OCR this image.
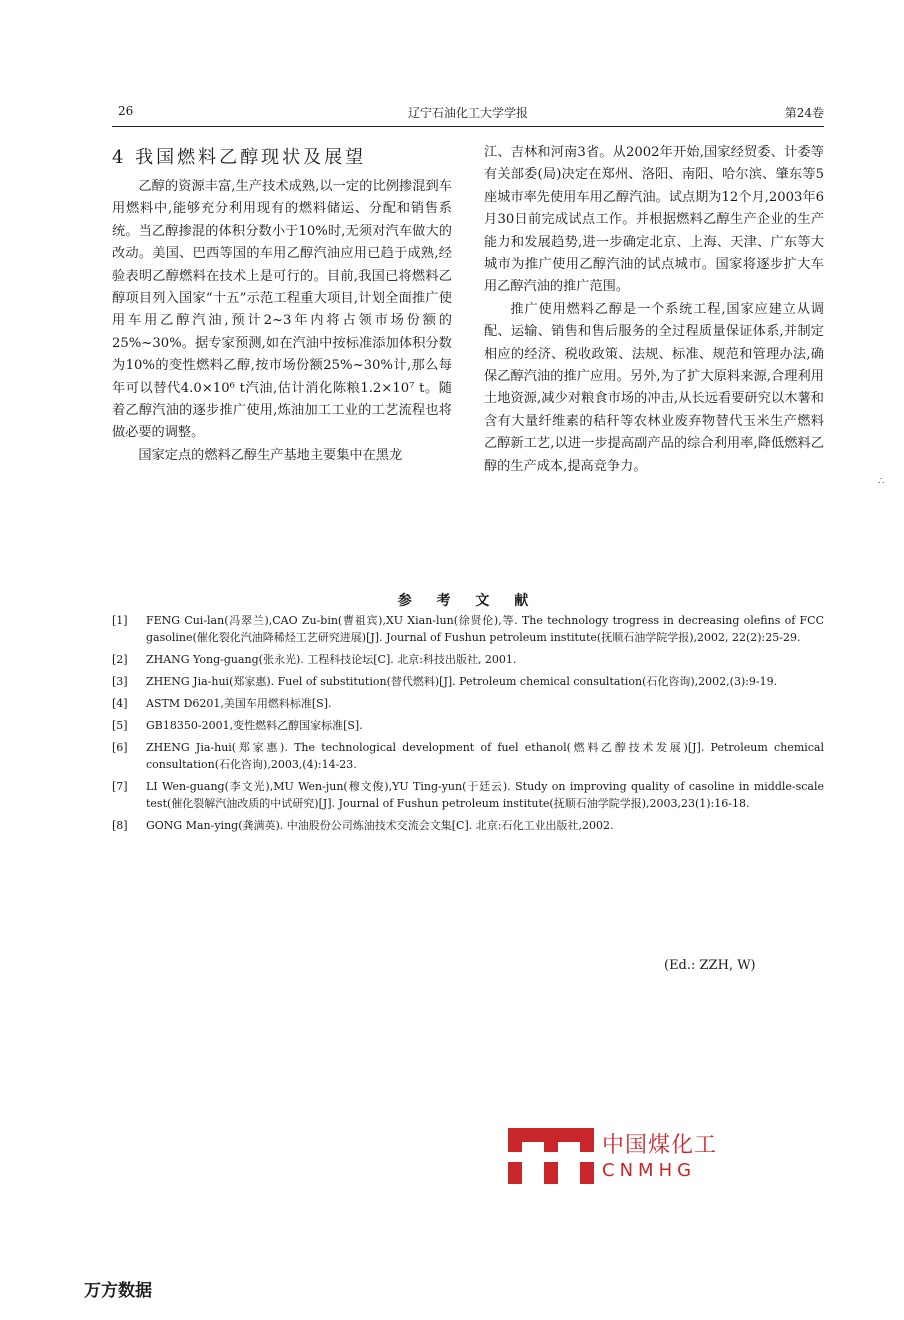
26	辽宁石油化工大学学报	第24卷
4 我国燃料乙醇现状及展望

乙醇的资源丰富,生产技术成熟,以一定的比例掺混到车用燃料中,能够充分利用现有的燃料储运、分配和销售系统。当乙醇掺混的体积分数小于10%时,无须对汽车做大的改动。美国、巴西等国的车用乙醇汽油应用已趋于成熟,经验表明乙醇燃料在技术上是可行的。目前,我国已将燃料乙醇项目列入国家“十五”示范工程重大项目,计划全面推广使用车用乙醇汽油,预计2~3年内将占领市场份额的25%~30%。据专家预测,如在汽油中按标准添加体积分数为10%的变性燃料乙醇,按市场份额25%~30%计,那么每年可以替代4.0×10⁶ t汽油,估计消化陈粮1.2×10⁷ t。随着乙醇汽油的逐步推广使用,炼油加工工业的工艺流程也将做必要的调整。

国家定点的燃料乙醇生产基地主要集中在黑龙

江、吉林和河南3省。从2002年开始,国家经贸委、计委等有关部委(局)决定在郑州、洛阳、南阳、哈尔滨、肇东等5座城市率先使用车用乙醇汽油。试点期为12个月,2003年6月30日前完成试点工作。并根据燃料乙醇生产企业的生产能力和发展趋势,进一步确定北京、上海、天津、广东等大城市为推广使用乙醇汽油的试点城市。国家将逐步扩大车用乙醇汽油的推广范围。

推广使用燃料乙醇是一个系统工程,国家应建立从调配、运输、销售和售后服务的全过程质量保证体系,并制定相应的经济、税收政策、法规、标准、规范和管理办法,确保乙醇汽油的推广应用。另外,为了扩大原料来源,合理利用土地资源,减少对粮食市场的冲击,从长远看要研究以木薯和含有大量纤维素的秸秆等农林业废弃物替代玉米生产燃料乙醇新工艺,以进一步提高副产品的综合利用率,降低燃料乙醇的生产成本,提高竞争力。

∴
参 考 文 献
[1] FENG Cui-lan(冯翠兰),CAO Zu-bin(曹祖宾),XU Xian-lun(徐贤伦),等. The technology trogress in decreasing olefins of FCC gasoline(催化裂化汽油降稀烃工艺研究进展)[J]. Journal of Fushun petroleum institute(抚顺石油学院学报),2002, 22(2):25-29.
[2] ZHANG Yong-guang(张永光). 工程科技论坛[C]. 北京:科技出版社, 2001.
[3] ZHENG Jia-hui(郑家惠). Fuel of substitution(替代燃料)[J]. Petroleum chemical consultation(石化咨询),2002,(3):9-19.
[4] ASTM D6201,美国车用燃料标准[S].
[5] GB18350-2001,变性燃料乙醇国家标准[S].
[6] ZHENG Jia-hui(郑家惠). The technological development of fuel ethanol(燃料乙醇技术发展)[J]. Petroleum chemical consultation(石化咨询),2003,(4):14-23.
[7] LI Wen-guang(李文光),MU Wen-jun(穆文俊),YU Ting-yun(于廷云). Study on improving quality of casoline in middle-scale test(催化裂解汽油改质的中试研究)[J]. Journal of Fushun petroleum institute(抚顺石油学院学报),2003,23(1):16-18.
[8] GONG Man-ying(龚满英). 中油股份公司炼油技术交流会文集[C]. 北京:石化工业出版社,2002.
(Ed.: ZZH, W)
中国煤化工
CNMHG
万方数据
